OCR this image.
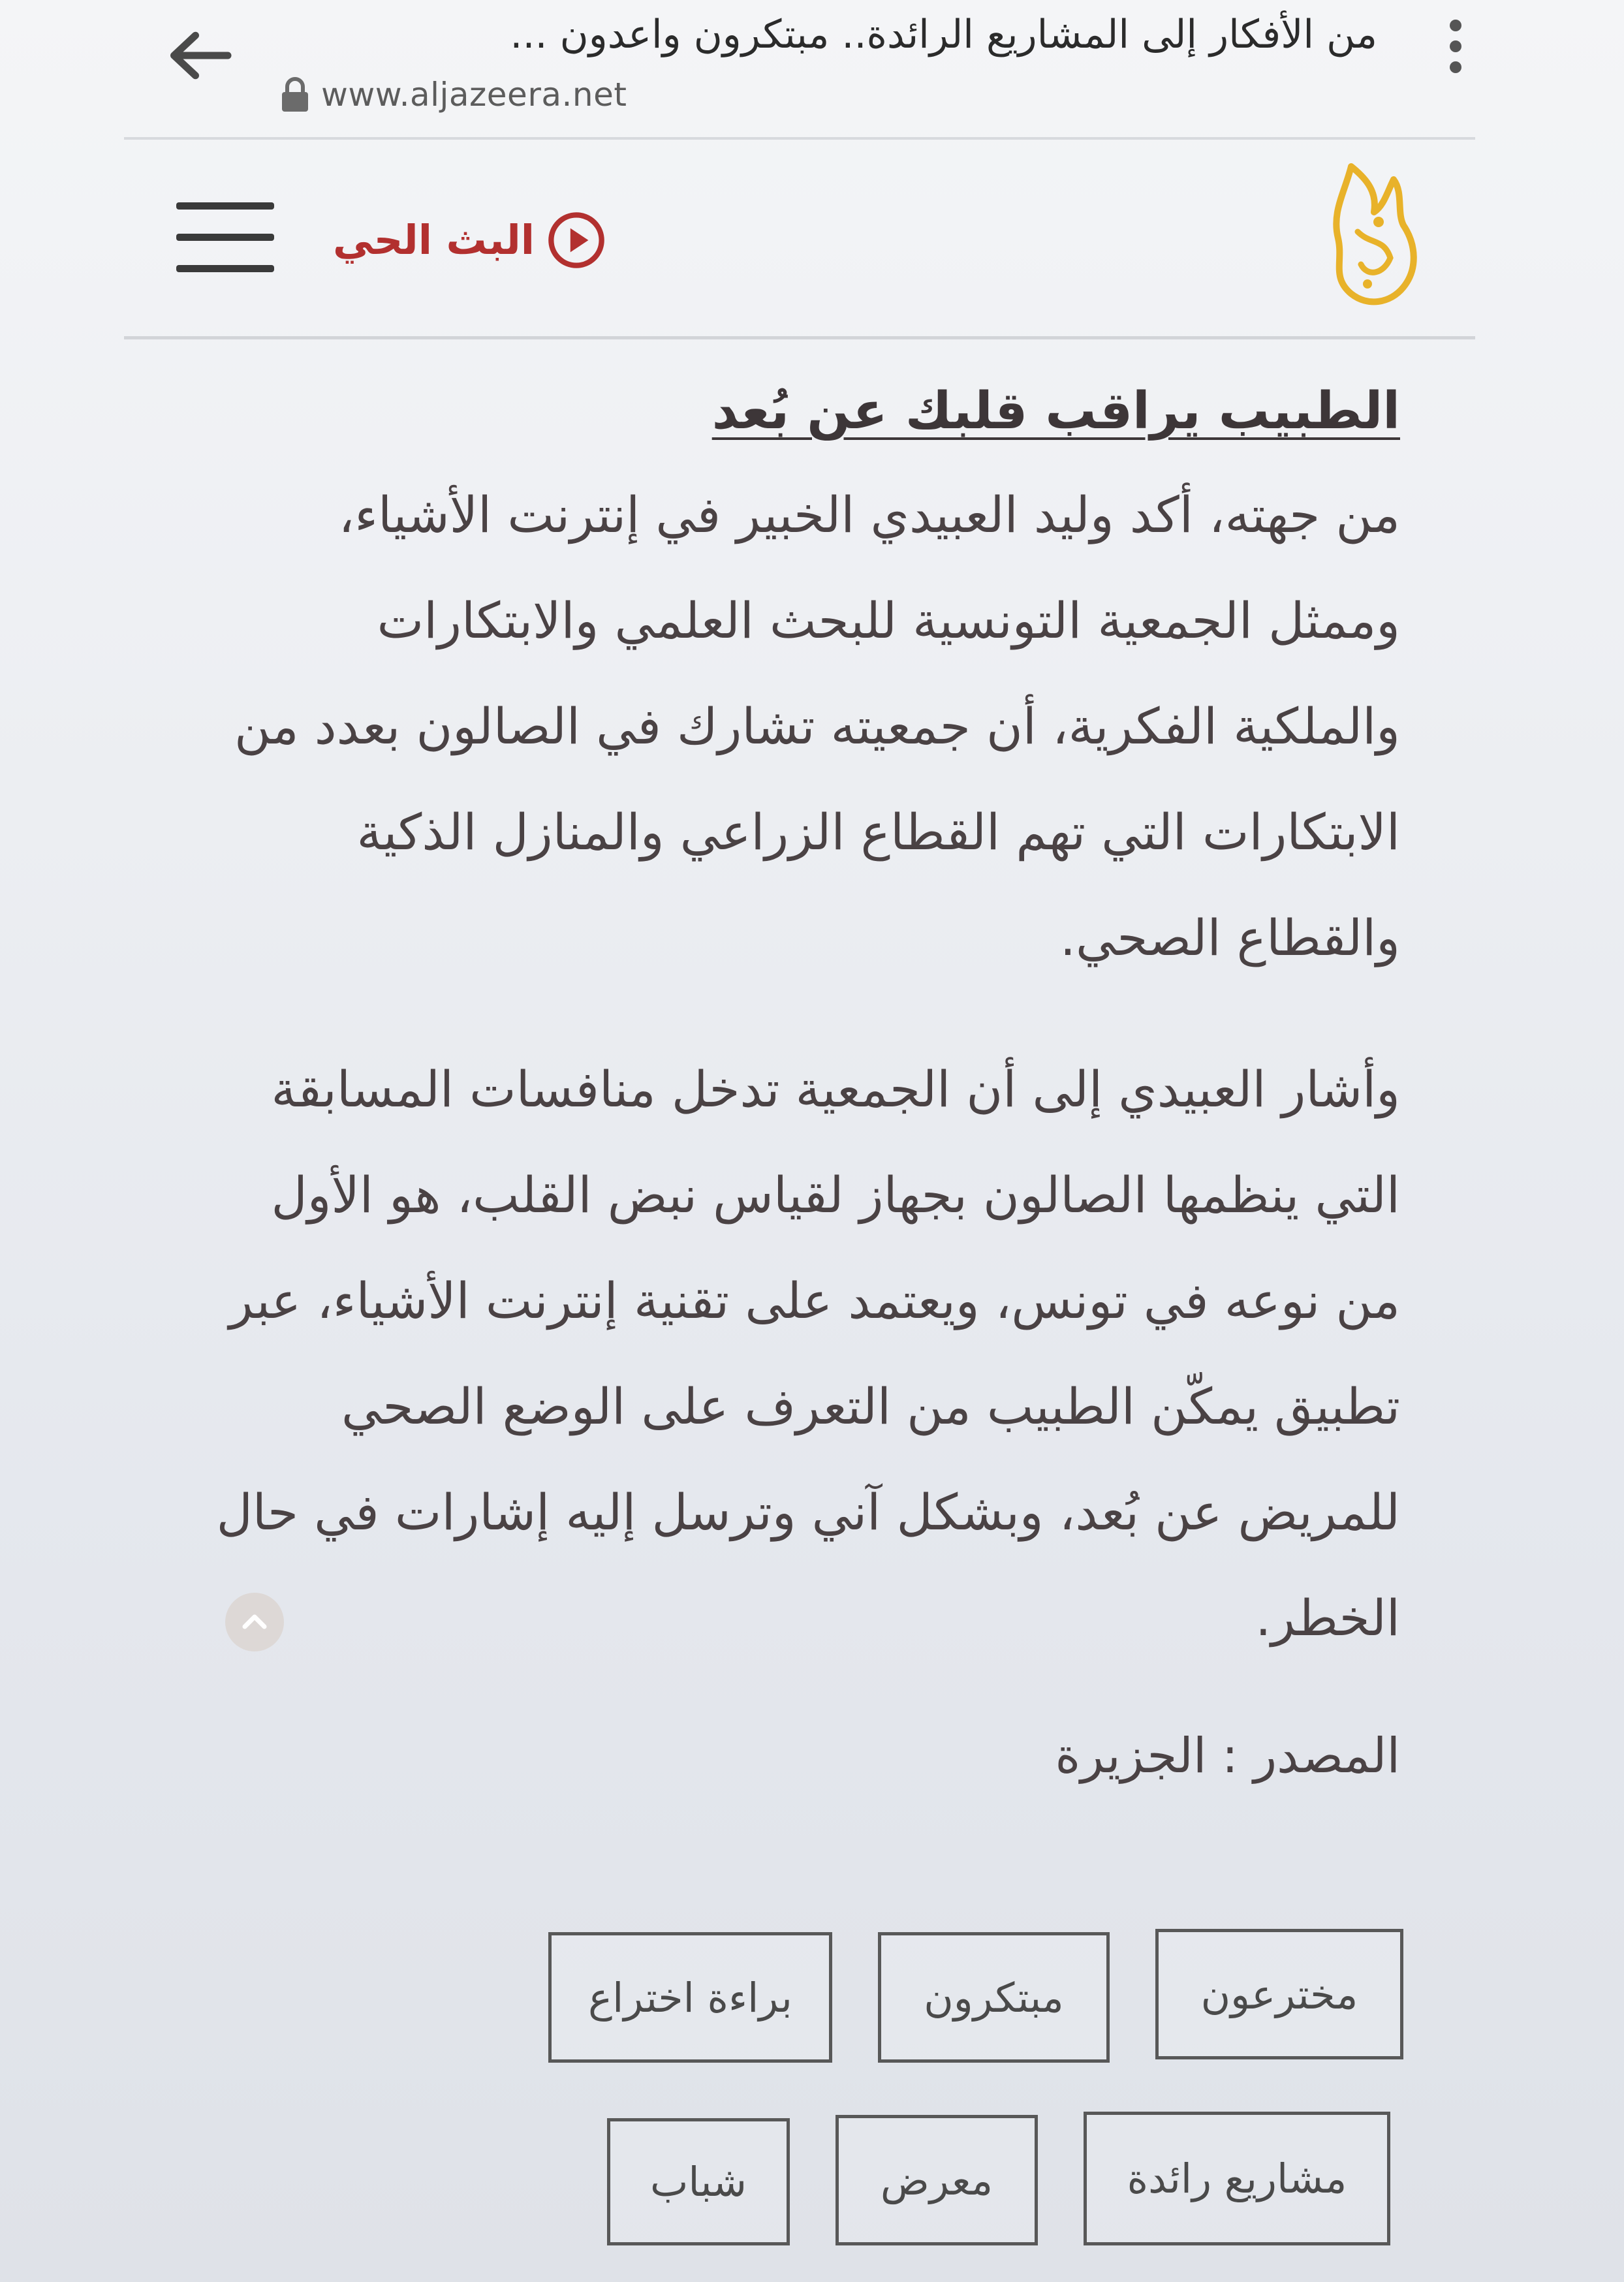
من الأفكار إلى المشاريع الرائدة.. مبتكرون واعدون ...
www.aljazeera.net
البث الحي
الطبيب يراقب قلبك عن بُعد

من جهته، أكد وليد العبيدي الخبير في إنترنت الأشياء، وممثل الجمعية التونسية للبحث العلمي والابتكارات والملكية الفكرية، أن جمعيته تشارك في الصالون بعدد من الابتكارات التي تهم القطاع الزراعي والمنازل الذكية والقطاع الصحي.

وأشار العبيدي إلى أن الجمعية تدخل منافسات المسابقة التي ينظمها الصالون بجهاز لقياس نبض القلب، هو الأول من نوعه في تونس، ويعتمد على تقنية إنترنت الأشياء، عبر تطبيق يمكّن الطبيب من التعرف على الوضع الصحي للمريض عن بُعد، وبشكل آني وترسل إليه إشارات في حال الخطر.

المصدر : الجزيرة
مخترعون
مبتكرون
براءة اختراع
مشاريع رائدة
معرض
شباب
